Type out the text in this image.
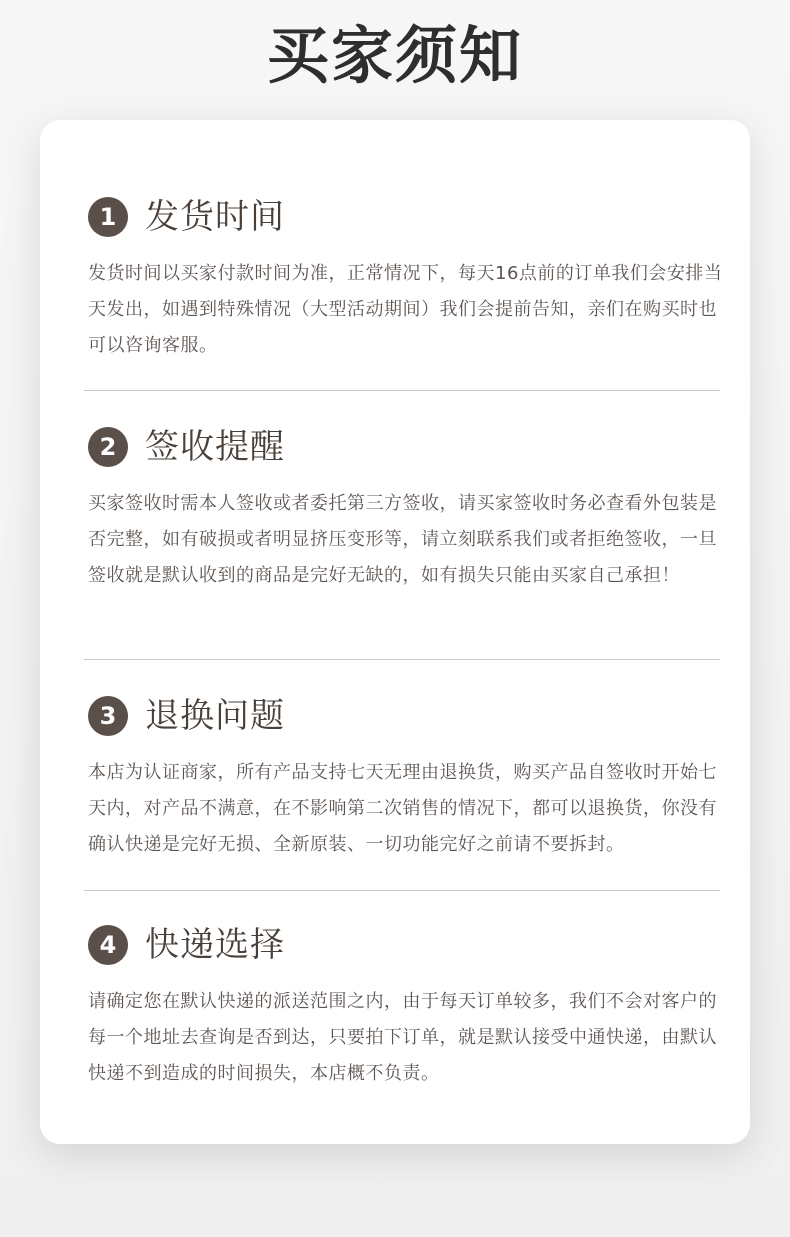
买家须知
1 发货时间
发货时间以买家付款时间为准，正常情况下，每天16点前的订单我们会安排当天发出，如遇到特殊情况（大型活动期间）我们会提前告知，亲们在购买时也可以咨询客服。
2 签收提醒
买家签收时需本人签收或者委托第三方签收，请买家签收时务必查看外包装是否完整，如有破损或者明显挤压变形等，请立刻联系我们或者拒绝签收，一旦签收就是默认收到的商品是完好无缺的，如有损失只能由买家自己承担！
3 退换问题
本店为认证商家，所有产品支持七天无理由退换货，购买产品自签收时开始七天内，对产品不满意，在不影响第二次销售的情况下，都可以退换货，你没有确认快递是完好无损、全新原装、一切功能完好之前请不要拆封。
4 快递选择
请确定您在默认快递的派送范围之内，由于每天订单较多，我们不会对客户的每一个地址去查询是否到达，只要拍下订单，就是默认接受中通快递，由默认快递不到造成的时间损失，本店概不负责。
